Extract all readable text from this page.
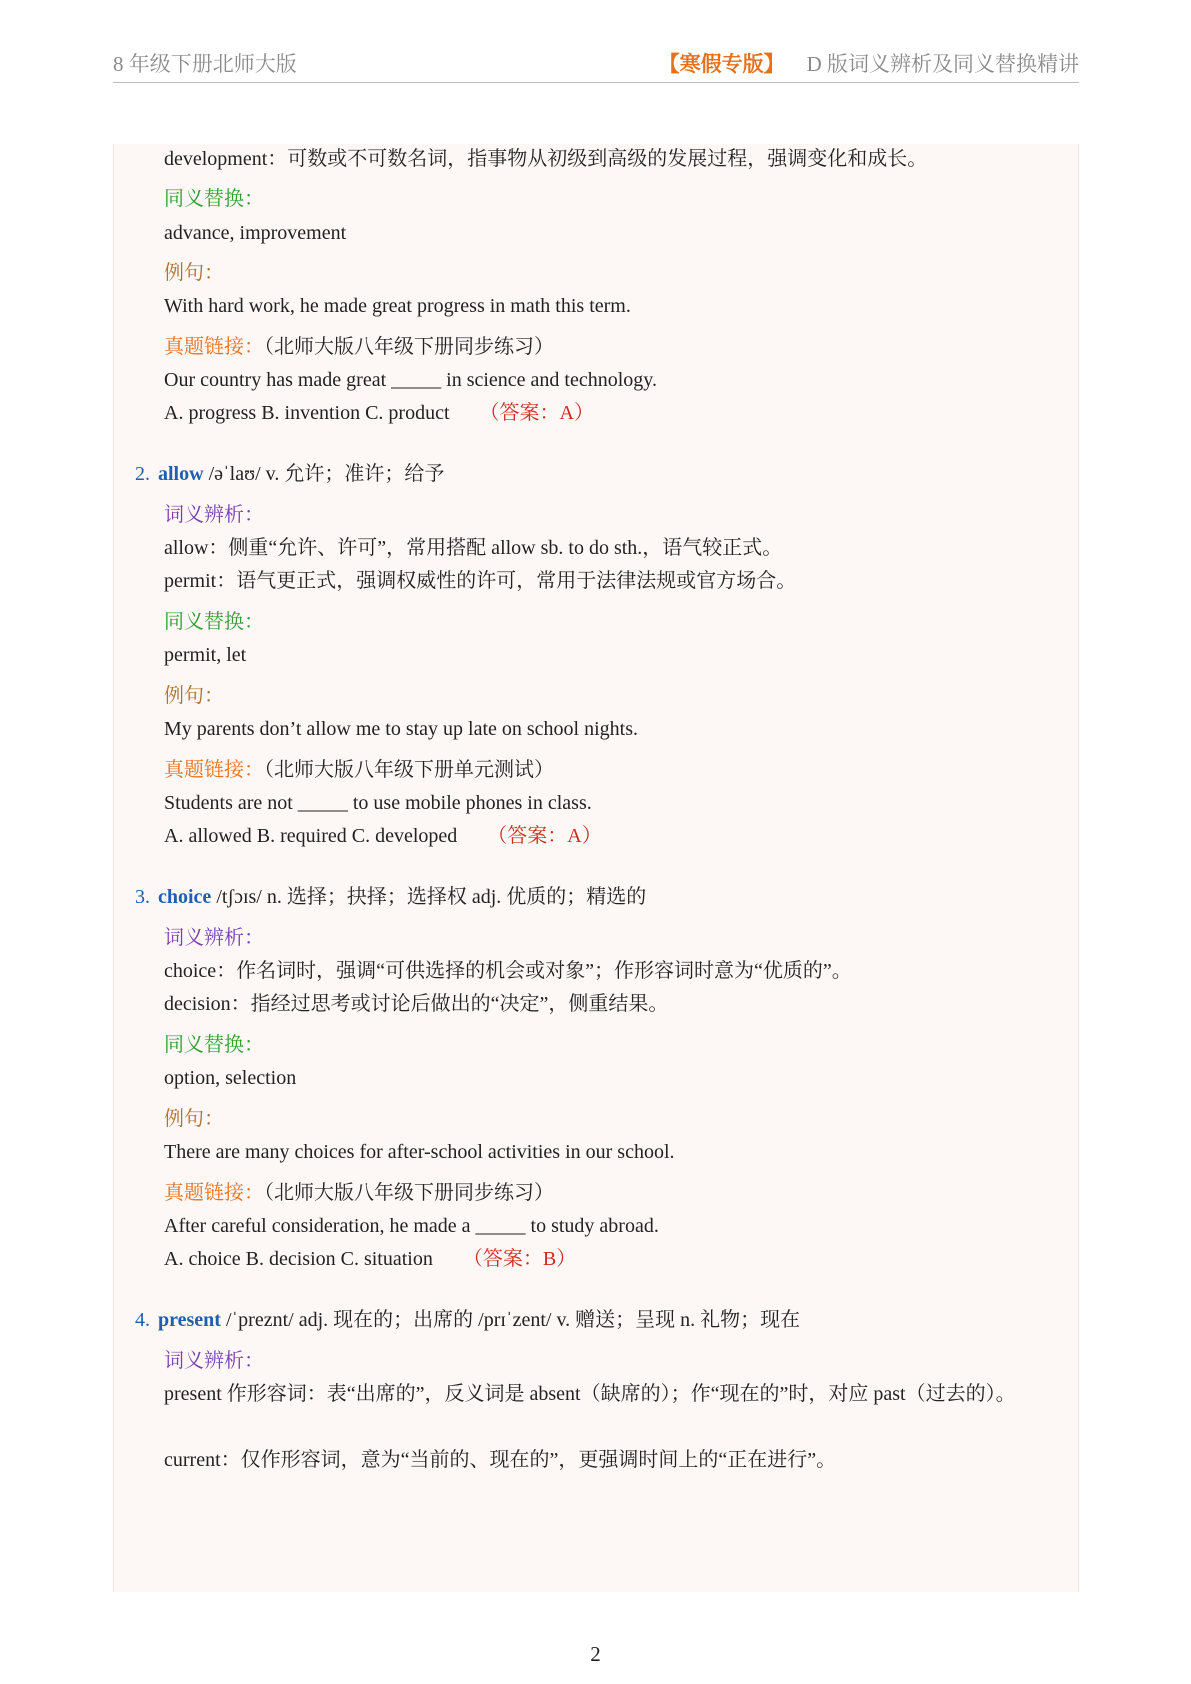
8 年级下册北师大版	【寒假专版】 D 版词义辨析及同义替换精讲
development：可数或不可数名词，指事物从初级到高级的发展过程，强调变化和成长。
同义替换：
advance, improvement
例句：
With hard work, he made great progress in math this term.
真题链接：（北师大版八年级下册同步练习）
Our country has made great _____ in science and technology.
A. progress B. invention C. product （答案：A）
2. allow /əˈlaʊ/ v. 允许；准许；给予
词义辨析：
allow：侧重“允许、许可”，常用搭配 allow sb. to do sth.，语气较正式。
permit：语气更正式，强调权威性的许可，常用于法律法规或官方场合。
同义替换：
permit, let
例句：
My parents don’t allow me to stay up late on school nights.
真题链接：（北师大版八年级下册单元测试）
Students are not _____ to use mobile phones in class.
A. allowed B. required C. developed （答案：A）
3. choice /tʃɔɪs/ n. 选择；抉择；选择权 adj. 优质的；精选的
词义辨析：
choice：作名词时，强调“可供选择的机会或对象”；作形容词时意为“优质的”。
decision：指经过思考或讨论后做出的“决定”，侧重结果。
同义替换：
option, selection
例句：
There are many choices for after-school activities in our school.
真题链接：（北师大版八年级下册同步练习）
After careful consideration, he made a _____ to study abroad.
A. choice B. decision C. situation （答案：B）
4. present /ˈpreznt/ adj. 现在的；出席的 /prɪˈzent/ v. 赠送；呈现 n. 礼物；现在
词义辨析：
present 作形容词：表“出席的”，反义词是 absent（缺席的）；作“现在的”时，对应 past（过去的）。
current：仅作形容词，意为“当前的、现在的”，更强调时间上的“正在进行”。
2
